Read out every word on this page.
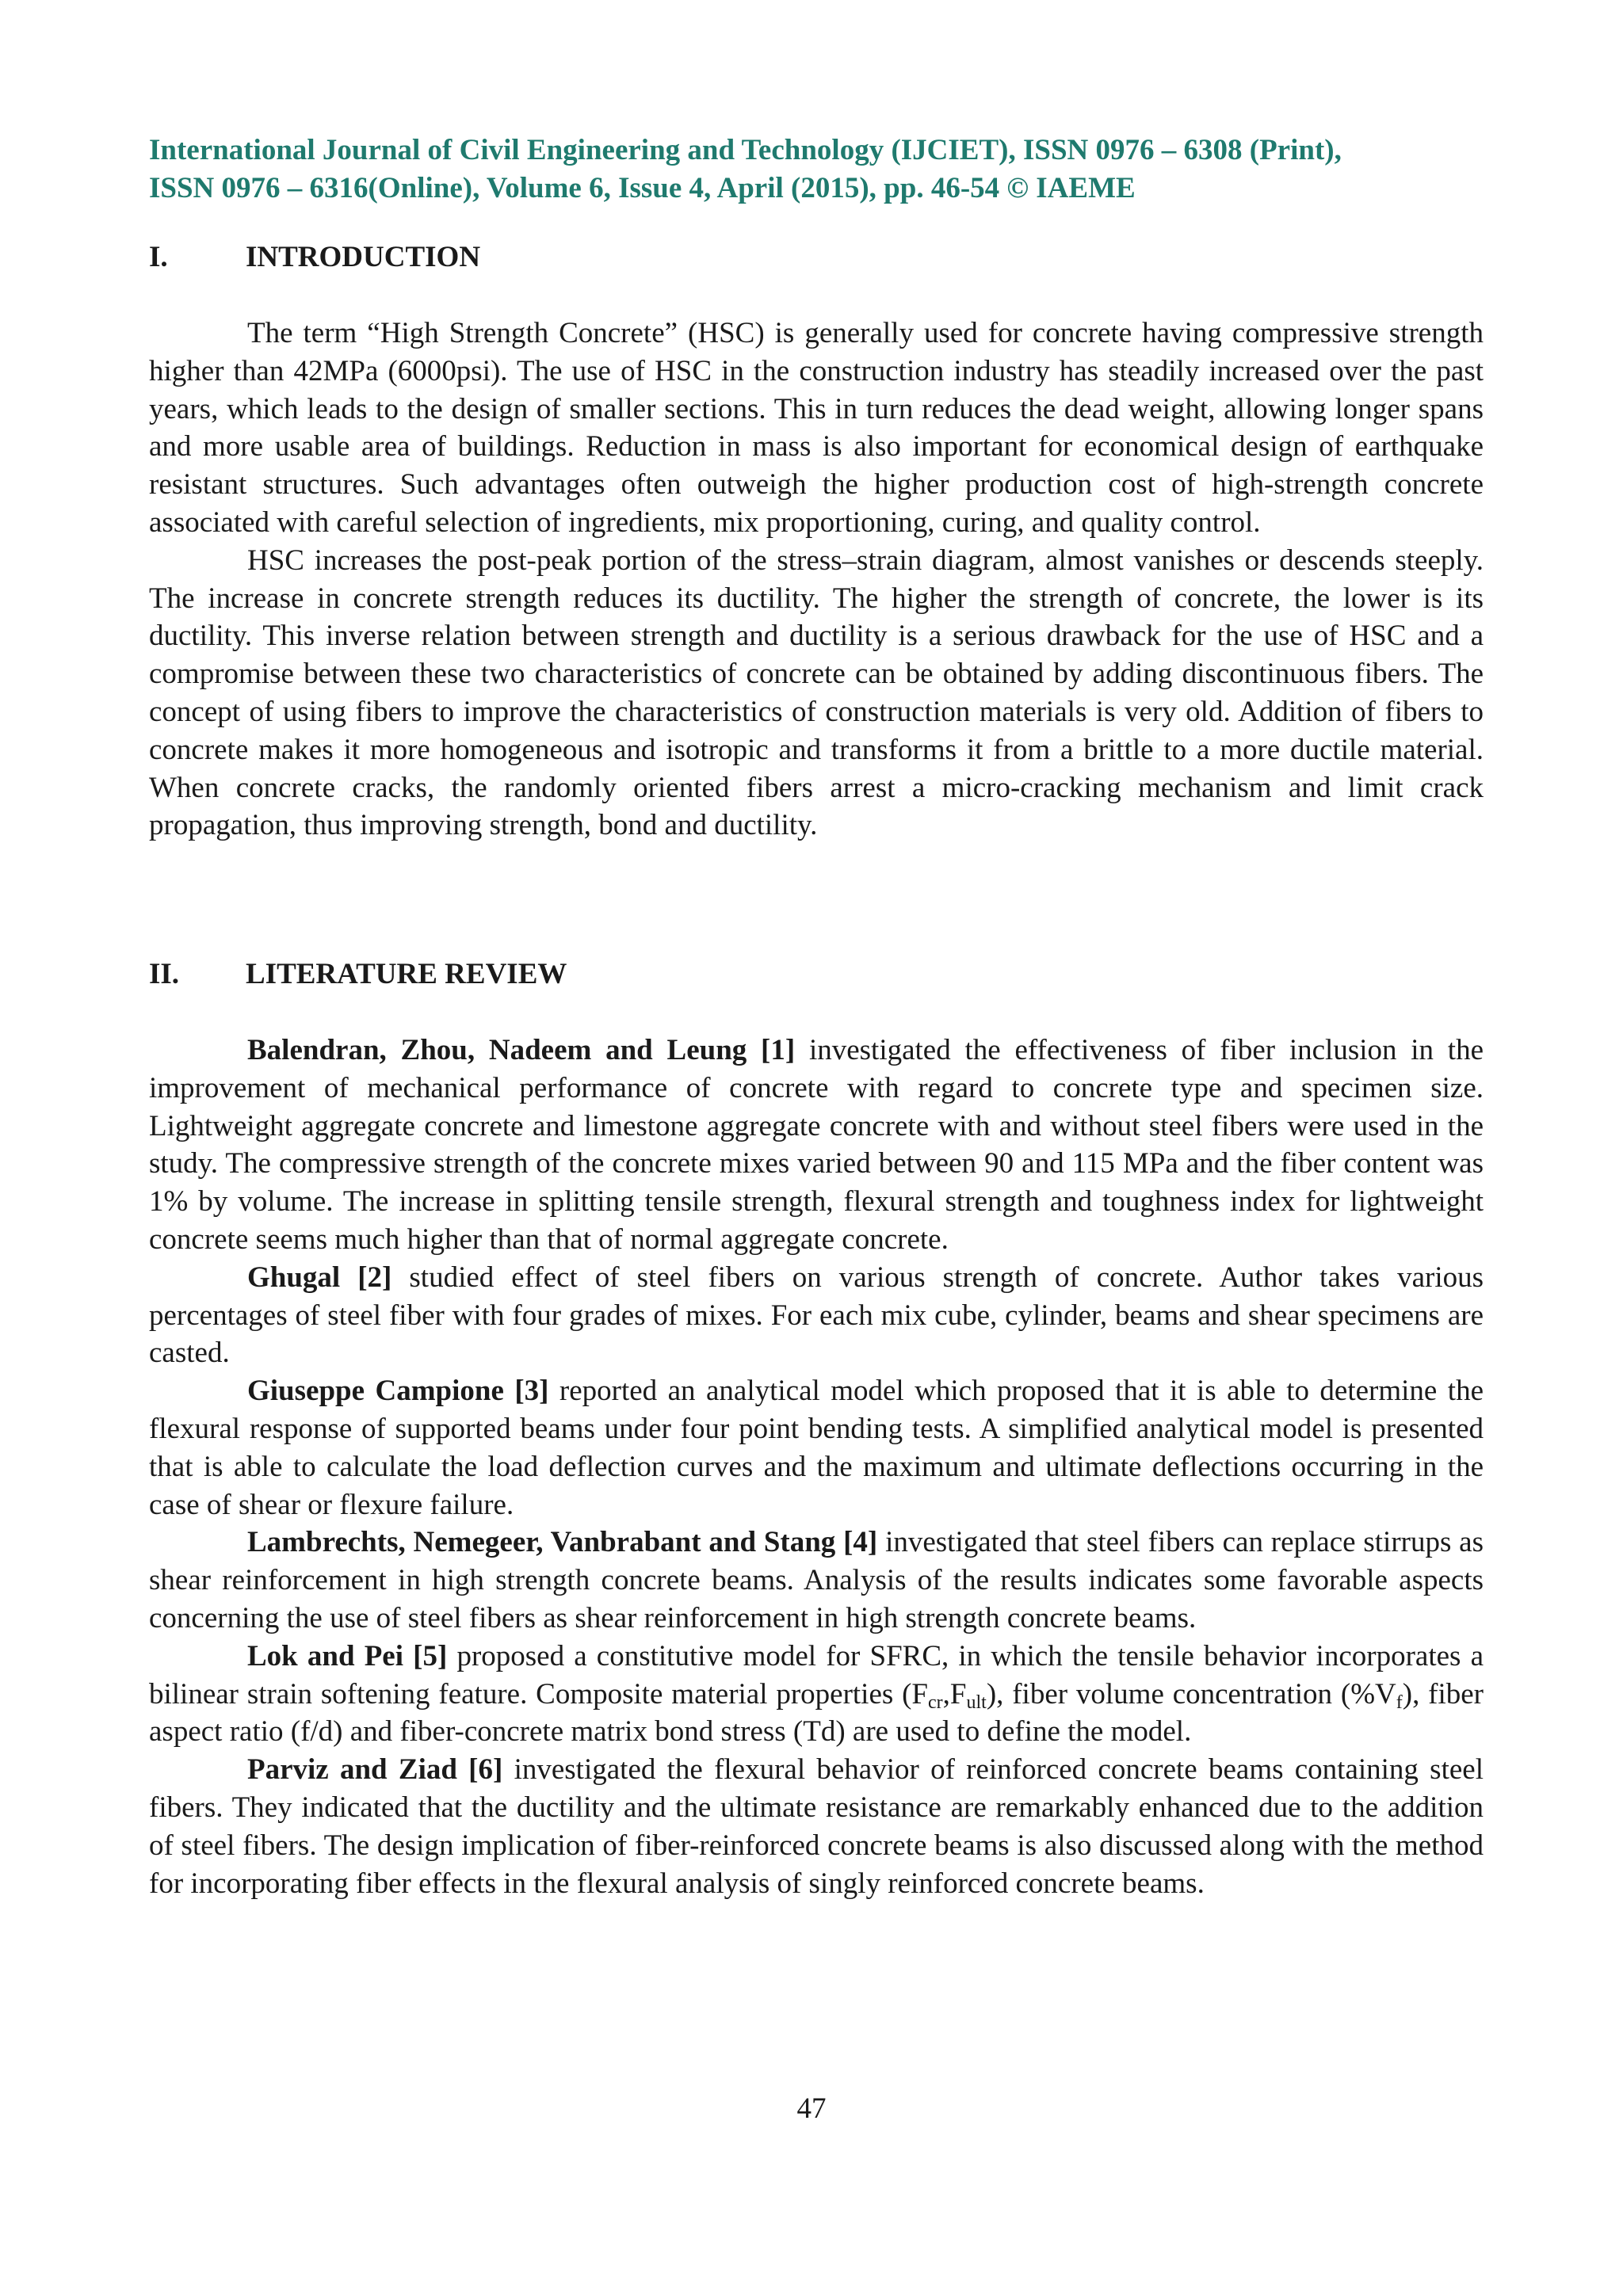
International Journal of Civil Engineering and Technology (IJCIET), ISSN 0976 – 6308 (Print),
ISSN 0976 – 6316(Online), Volume 6, Issue 4, April (2015), pp. 46-54 © IAEME
I.	INTRODUCTION

The term “High Strength Concrete” (HSC) is generally used for concrete having compressive strength higher than 42MPa (6000psi). The use of HSC in the construction industry has steadily increased over the past years, which leads to the design of smaller sections. This in turn reduces the dead weight, allowing longer spans and more usable area of buildings. Reduction in mass is also important for economical design of earthquake resistant structures. Such advantages often outweigh the higher production cost of high-strength concrete associated with careful selection of ingredients, mix proportioning, curing, and quality control.

HSC increases the post-peak portion of the stress–strain diagram, almost vanishes or descends steeply. The increase in concrete strength reduces its ductility. The higher the strength of concrete, the lower is its ductility. This inverse relation between strength and ductility is a serious drawback for the use of HSC and a compromise between these two characteristics of concrete can be obtained by adding discontinuous fibers. The concept of using fibers to improve the characteristics of construction materials is very old. Addition of fibers to concrete makes it more homogeneous and isotropic and transforms it from a brittle to a more ductile material. When concrete cracks, the randomly oriented fibers arrest a micro-cracking mechanism and limit crack propagation, thus improving strength, bond and ductility.

II. LITERATURE REVIEW

Balendran, Zhou, Nadeem and Leung [1] investigated the effectiveness of fiber inclusion in the improvement of mechanical performance of concrete with regard to concrete type and specimen size. Lightweight aggregate concrete and limestone aggregate concrete with and without steel fibers were used in the study. The compressive strength of the concrete mixes varied between 90 and 115 MPa and the fiber content was 1% by volume. The increase in splitting tensile strength, flexural strength and toughness index for lightweight concrete seems much higher than that of normal aggregate concrete.

Ghugal [2] studied effect of steel fibers on various strength of concrete. Author takes various percentages of steel fiber with four grades of mixes. For each mix cube, cylinder, beams and shear specimens are casted.

Giuseppe Campione [3] reported an analytical model which proposed that it is able to determine the flexural response of supported beams under four point bending tests. A simplified analytical model is presented that is able to calculate the load deflection curves and the maximum and ultimate deflections occurring in the case of shear or flexure failure.

Lambrechts, Nemegeer, Vanbrabant and Stang [4] investigated that steel fibers can replace stirrups as shear reinforcement in high strength concrete beams. Analysis of the results indicates some favorable aspects concerning the use of steel fibers as shear reinforcement in high strength concrete beams.

Lok and Pei [5] proposed a constitutive model for SFRC, in which the tensile behavior incorporates a bilinear strain softening feature. Composite material properties $(F_{cr},F_{ult})$, fiber volume concentration $(\%V_f)$, fiber aspect ratio (f/d) and fiber-concrete matrix bond stress (Td) are used to define the model.

Parviz and Ziad [6] investigated the flexural behavior of reinforced concrete beams containing steel fibers. They indicated that the ductility and the ultimate resistance are remarkably enhanced due to the addition of steel fibers. The design implication of fiber-reinforced concrete beams is also discussed along with the method for incorporating fiber effects in the flexural analysis of singly reinforced concrete beams.

47
